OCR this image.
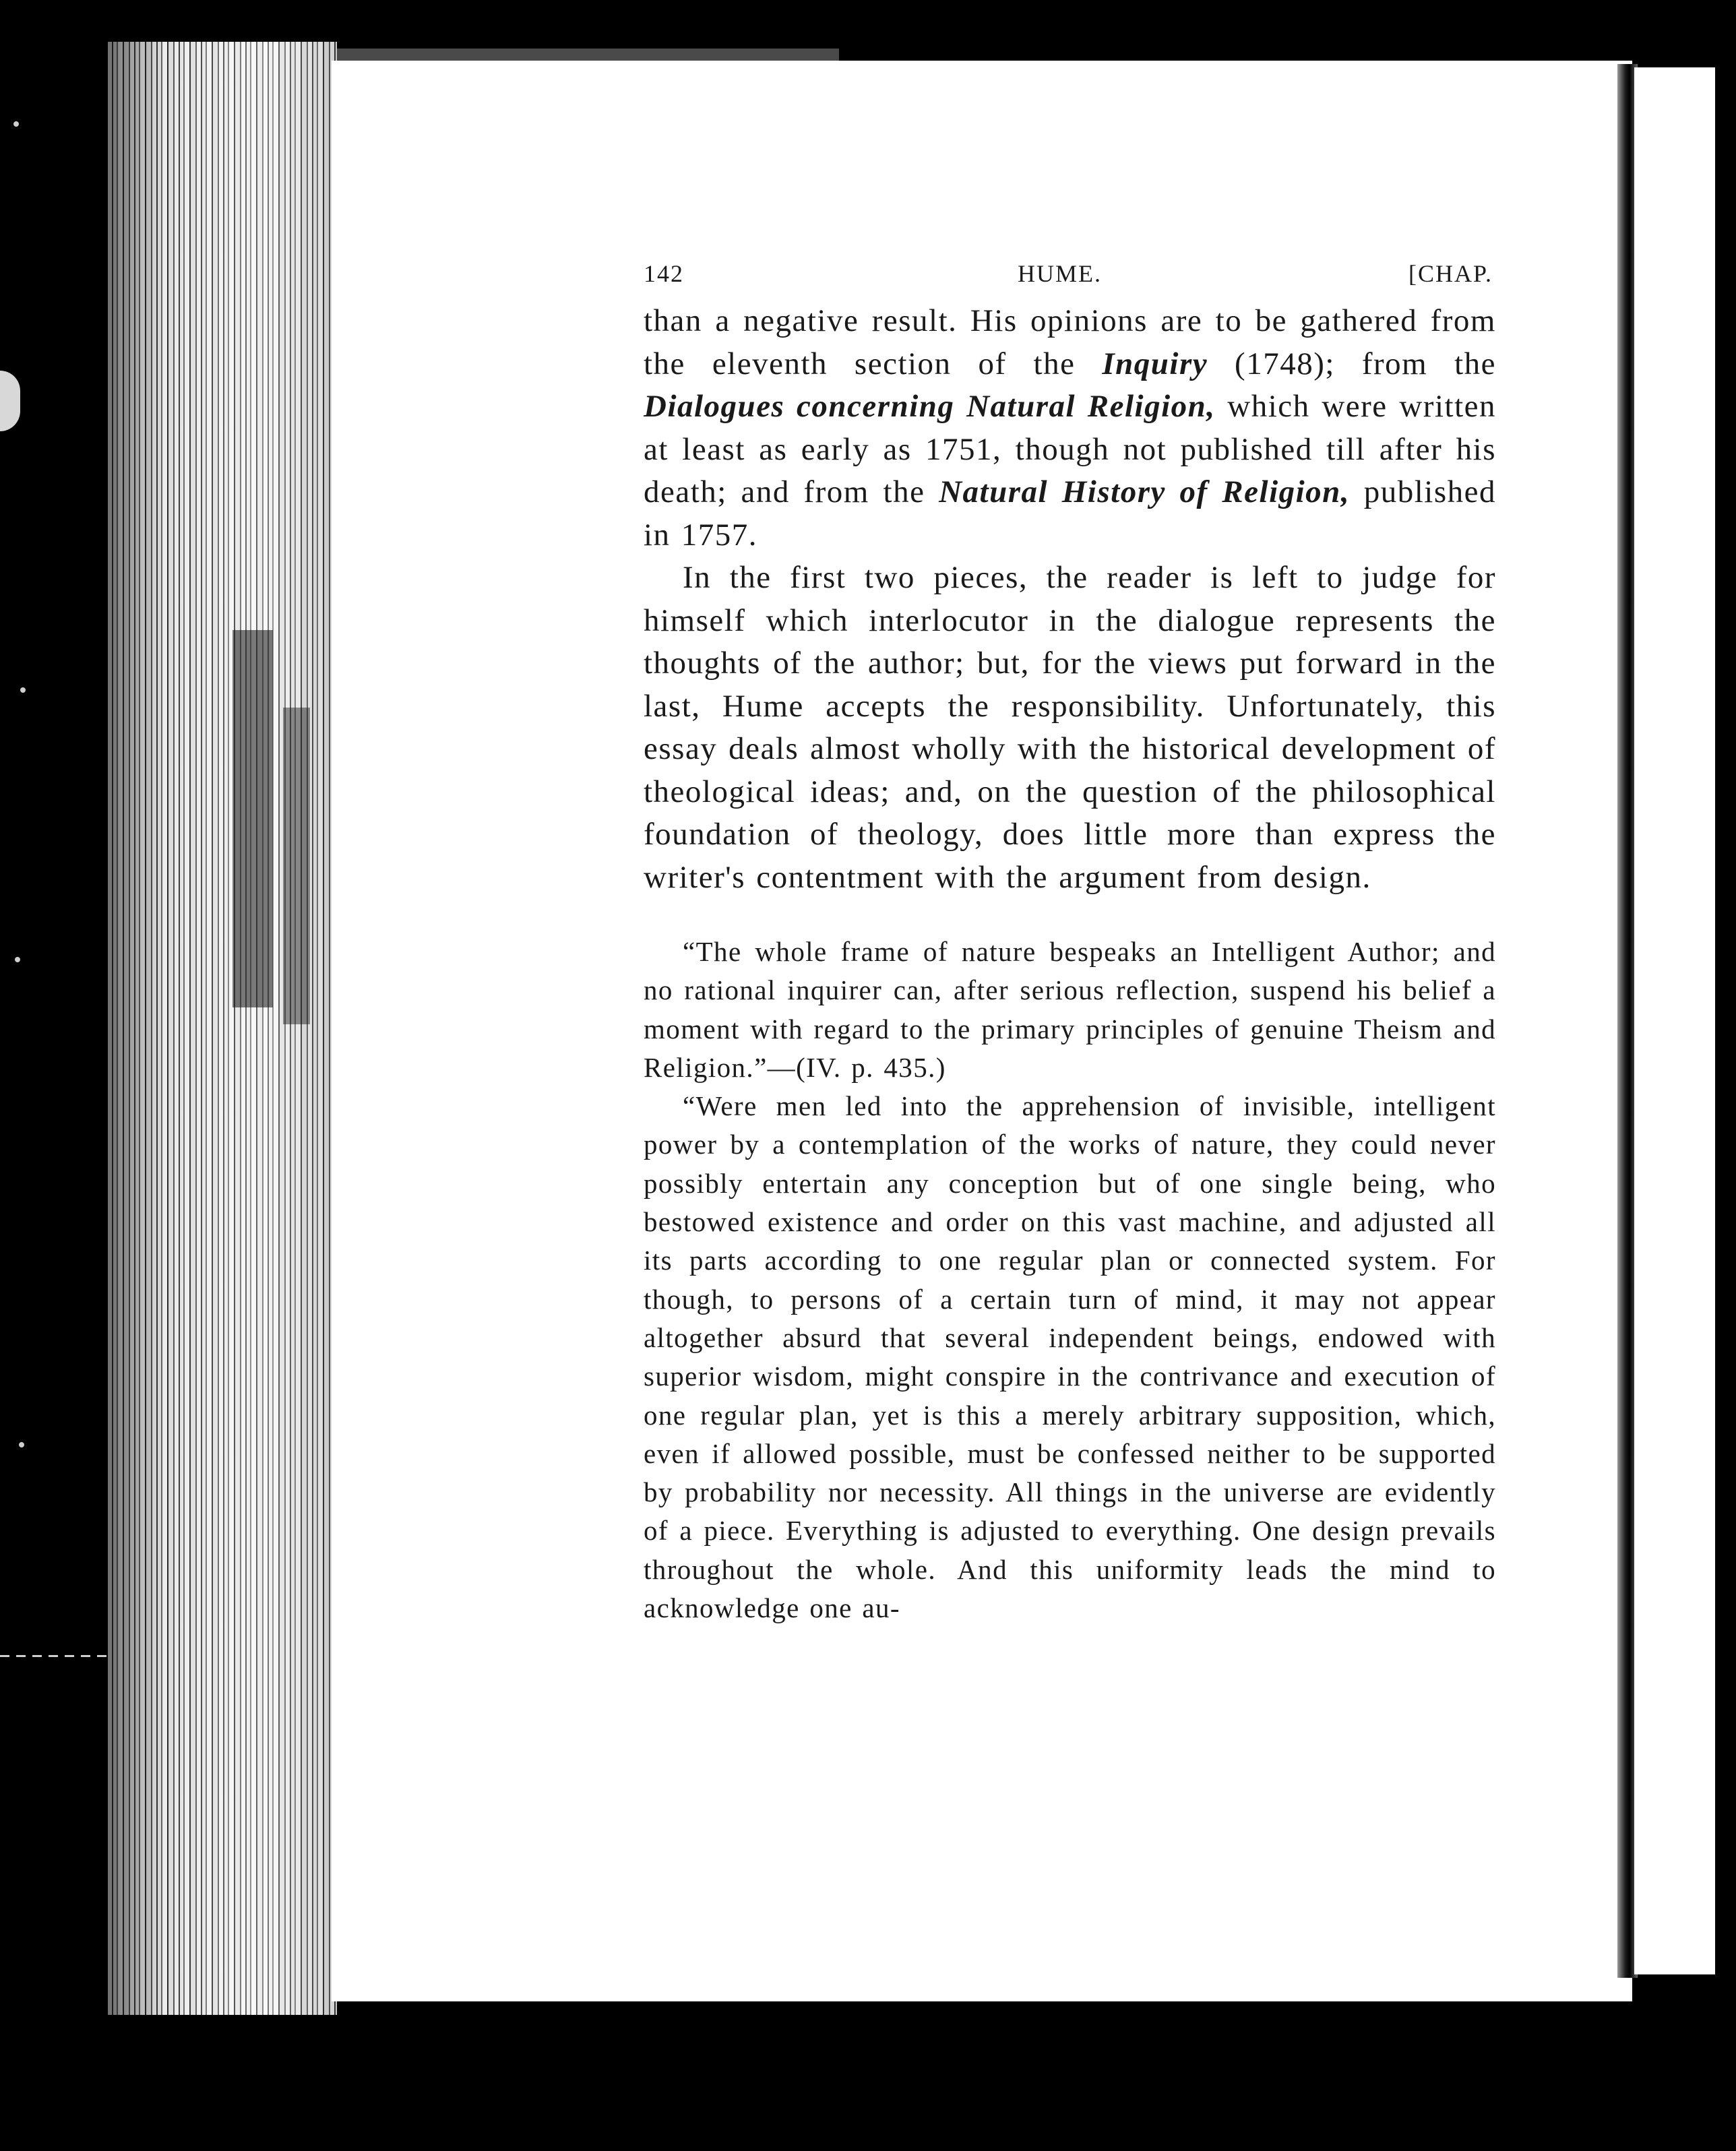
142	HUME.	[CHAP.

than a negative result. His opinions are to be gathered from the eleventh section of the Inquiry (1748); from the Dialogues concerning Natural Religion, which were written at least as early as 1751, though not published till after his death; and from the Natural History of Religion, published in 1757.

In the first two pieces, the reader is left to judge for himself which interlocutor in the dialogue represents the thoughts of the author; but, for the views put forward in the last, Hume accepts the responsibility. Unfortunately, this essay deals almost wholly with the historical development of theological ideas; and, on the question of the philosophical foundation of theology, does little more than express the writer's contentment with the argument from design.

“The whole frame of nature bespeaks an Intelligent Author; and no rational inquirer can, after serious reflection, suspend his belief a moment with regard to the primary principles of genuine Theism and Religion.”—(IV. p. 435.)

“Were men led into the apprehension of invisible, intelligent power by a contemplation of the works of nature, they could never possibly entertain any conception but of one single being, who bestowed existence and order on this vast machine, and adjusted all its parts according to one regular plan or connected system. For though, to persons of a certain turn of mind, it may not appear altogether absurd that several independent beings, endowed with superior wisdom, might conspire in the contrivance and execution of one regular plan, yet is this a merely arbitrary supposition, which, even if allowed possible, must be confessed neither to be supported by probability nor necessity. All things in the universe are evidently of a piece. Everything is adjusted to everything. One design prevails throughout the whole. And this uniformity leads the mind to acknowledge one au-
